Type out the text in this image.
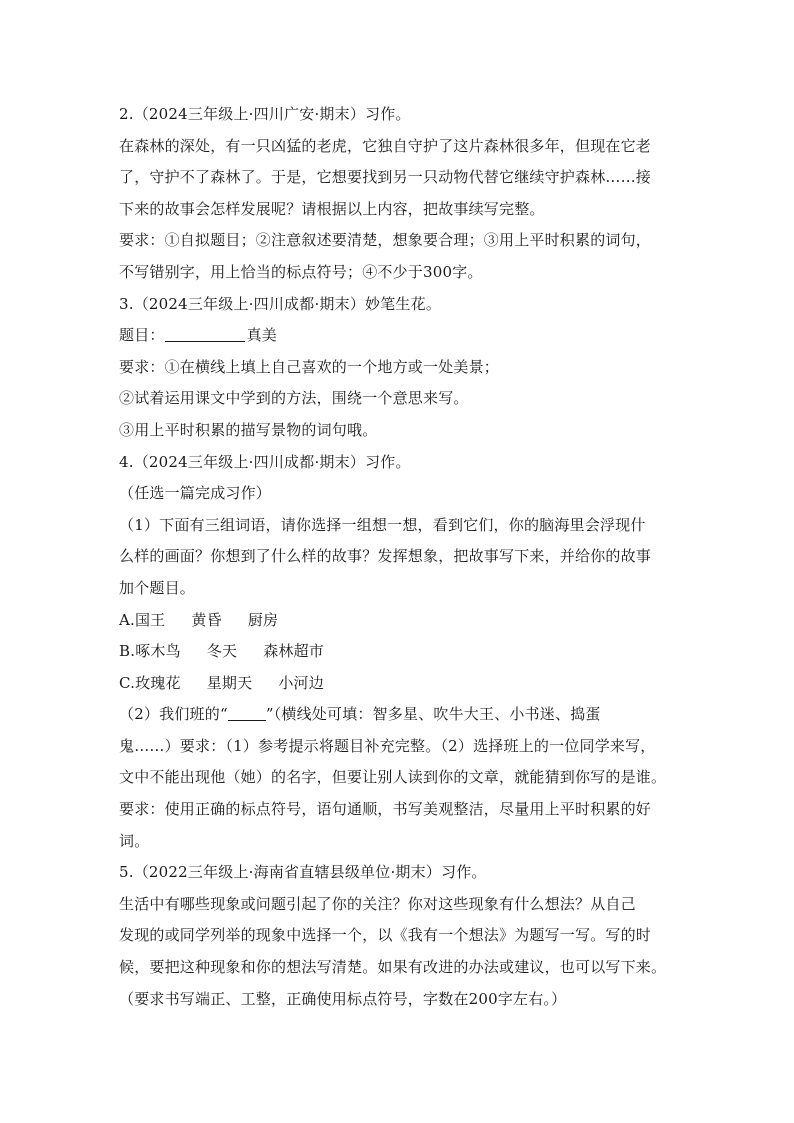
2.（2024三年级上·四川广安·期末）习作。
在森林的深处，有一只凶猛的老虎，它独自守护了这片森林很多年，但现在它老
了，守护不了森林了。于是，它想要找到另一只动物代替它继续守护森林……接
下来的故事会怎样发展呢？请根据以上内容，把故事续写完整。
要求：①自拟题目；②注意叙述要清楚，想象要合理；③用上平时积累的词句，
不写错别字，用上恰当的标点符号；④不少于300字。
3.（2024三年级上·四川成都·期末）妙笔生花。
题目：	真美
要求：①在横线上填上自己喜欢的一个地方或一处美景；
②试着运用课文中学到的方法，围绕一个意思来写。
③用上平时积累的描写景物的词句哦。
4.（2024三年级上·四川成都·期末）习作。
（任选一篇完成习作）
（1）下面有三组词语，请你选择一组想一想，看到它们，你的脑海里会浮现什
么样的画面？你想到了什么样的故事？发挥想象，把故事写下来，并给你的故事
加个题目。
A.国王 黄昏 厨房
B.啄木鸟 冬天 森林超市
C.玫瑰花 星期天 小河边
（2）我们班的“	”（横线处可填：智多星、吹牛大王、小书迷、捣蛋
鬼……）要求：（1）参考提示将题目补充完整。（2）选择班上的一位同学来写，
文中不能出现他（她）的名字，但要让别人读到你的文章，就能猜到你写的是谁。
要求：使用正确的标点符号，语句通顺，书写美观整洁，尽量用上平时积累的好
词。
5.（2022三年级上·海南省直辖县级单位·期末）习作。
生活中有哪些现象或问题引起了你的关注？你对这些现象有什么想法？从自己
发现的或同学列举的现象中选择一个，以《我有一个想法》为题写一写。写的时
候，要把这种现象和你的想法写清楚。如果有改进的办法或建议，也可以写下来。
（要求书写端正、工整，正确使用标点符号，字数在200字左右。）
